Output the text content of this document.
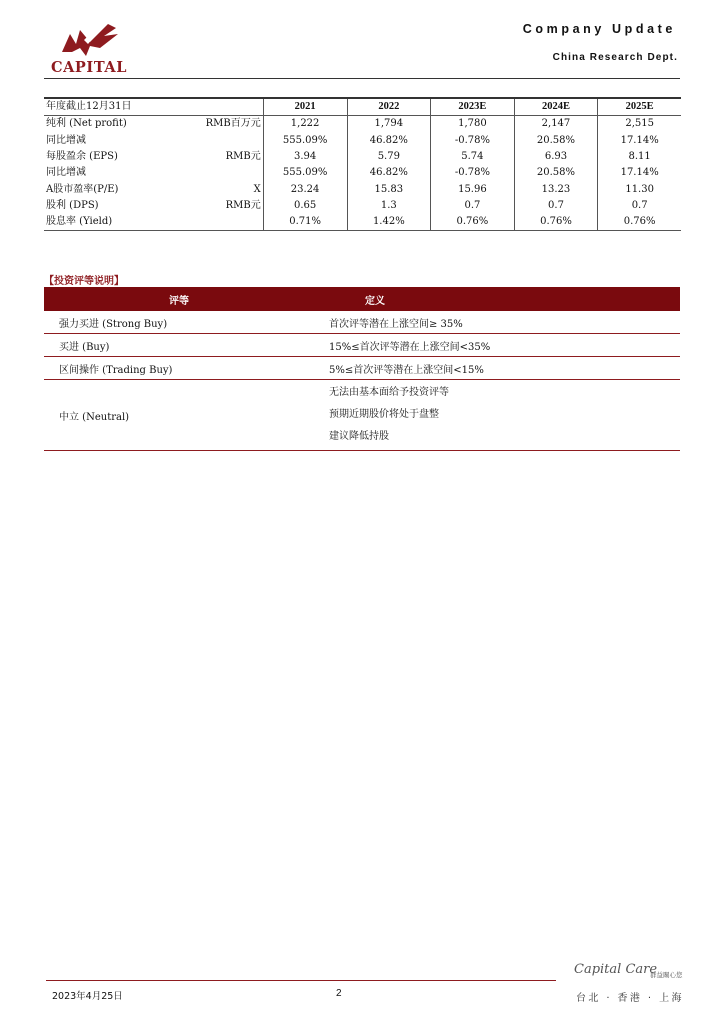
CAPITAL
Company Update
China Research Dept.
年度截止12月31日		2021	2022	2023E	2024E	2025E
纯利 (Net profit)	RMB百万元	1,222	1,794	1,780	2,147	2,515
同比增减		555.09%	46.82%	-0.78%	20.58%	17.14%
每股盈余 (EPS)	RMB元	3.94	5.79	5.74	6.93	8.11
同比增减		555.09%	46.82%	-0.78%	20.58%	17.14%
A股市盈率(P/E)	X	23.24	15.83	15.96	13.23	11.30
股利 (DPS)	RMB元	0.65	1.3	0.7	0.7	0.7
股息率 (Yield)		0.71%	1.42%	0.76%	0.76%	0.76%
【投资评等说明】
评等	定义
强力买进 (Strong Buy)	首次评等潜在上涨空间≥ 35%
买进 (Buy)	15%≤首次评等潜在上涨空间<35%
区间操作 (Trading Buy)	5%≤首次评等潜在上涨空间<15%
中立 (Neutral)	无法由基本面给予投资评等
预期近期股价将处于盘整
建议降低持股
2023年4月25日	2
Capital Care
群益關心您
台北 · 香港 · 上海
